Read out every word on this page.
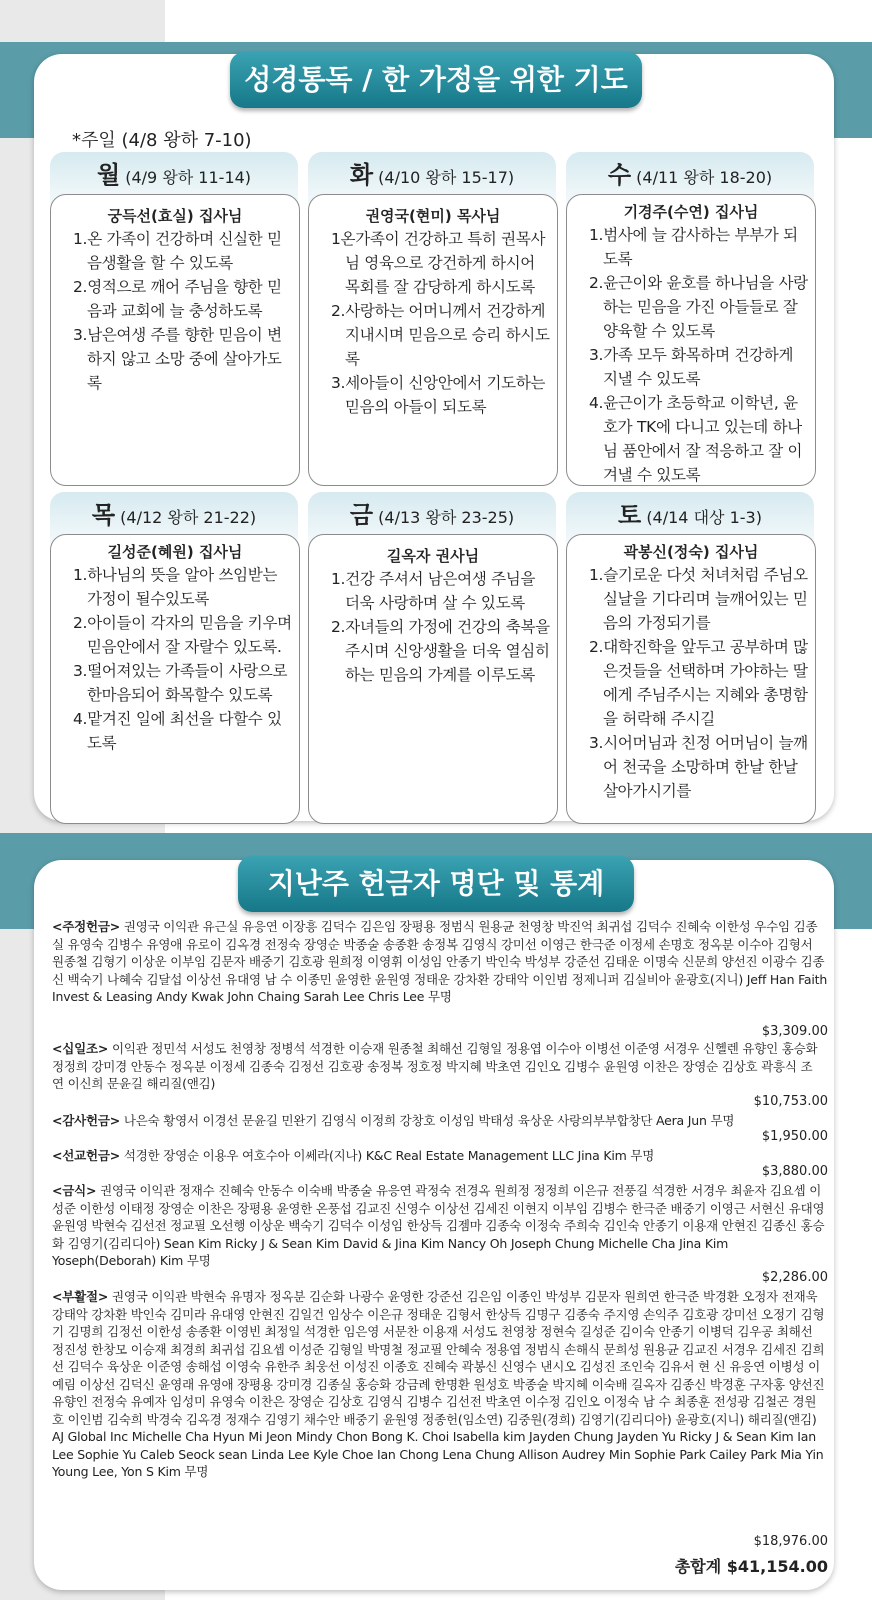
성경통독 / 한 가정을 위한 기도
*주일 (4/8 왕하 7-10)
월 (4/9 왕하 11-14)
궁득선(효실) 집사님
1.온 가족이 건강하며 신실한 믿음생활을 할 수 있도록
2.영적으로 깨어 주님을 향한 믿음과 교회에 늘 충성하도록
3.남은여생 주를 향한 믿음이 변하지 않고 소망 중에 살아가도록
화 (4/10 왕하 15-17)
권영국(현미) 목사님
1온가족이 건강하고 특히 권목사님 영육으로 강건하게 하시어 목회를 잘 감당하게 하시도록
2.사랑하는 어머니께서 건강하게 지내시며 믿음으로 승리 하시도록
3.세아들이 신앙안에서 기도하는 믿음의 아들이 되도록
수 (4/11 왕하 18-20)
기경주(수연) 집사님
1.범사에 늘 감사하는 부부가 되도록
2.윤근이와 윤호를 하나님을 사랑하는 믿음을 가진 아들들로 잘 양육할 수 있도록
3.가족 모두 화목하며 건강하게 지낼 수 있도록
4.윤근이가 초등학교 이학년, 윤호가 TK에 다니고 있는데 하나님 품안에서 잘 적응하고 잘 이겨낼 수 있도록
목 (4/12 왕하 21-22)
길성준(혜원) 집사님
1.하나님의 뜻을 알아 쓰임받는 가정이 될수있도록
2.아이들이 각자의 믿음을 키우며 믿음안에서 잘 자랄수 있도록.
3.떨어져있는 가족들이 사랑으로 한마음되어 화목할수 있도록
4.맡겨진 일에 최선을 다할수 있도록
금 (4/13 왕하 23-25)
길옥자 권사님
1.건강 주셔서 남은여생 주님을 더욱 사랑하며 살 수 있도록
2.자녀들의 가정에 건강의 축복을 주시며 신앙생활을 더욱 열심히 하는 믿음의 가계를 이루도록
토 (4/14 대상 1-3)
곽봉신(정숙) 집사님
1.슬기로운 다섯 처녀처럼 주님오실날을 기다리며 늘깨어있는 믿음의 가정되기를
2.대학진학을 앞두고 공부하며 많은것들을 선택하며 가야하는 딸에게 주님주시는 지혜와 총명함을 허락해 주시길
3.시어머님과 친정 어머님이 늘깨어 천국을 소망하며 한날 한날 살아가시기를
지난주 헌금자 명단 및 통계
<주정헌금> 권영국 이익관 유근실 유응연 이장흥 김덕수 김은임 장평용 정범식 원용균 천영창 박진억 최귀섭 김덕수 진혜숙 이한성 우수임 김종실 유영숙 김병수 유영애 유로이 김옥경 전정숙 장영순 박종술 송종환 송정복 김영식 강미선 이영근 한극준 이정세 손명호 정옥분 이수아 김형서 원종철 김형기 이상운 이부임 김문자 배중기 김호광 원희정 이영휘 이성임 안종기 박인숙 박성부 강준선 김태운 이명숙 신문희 양선진 이광수 김종신 백숙기 나혜숙 김달섭 이상선 유대영 남 수 이종민 윤영한 윤원영 정태운 강차환 강태악 이인범 정제니퍼 김실비아 윤광호(지니) Jeff Han Faith Invest & Leasing Andy Kwak John Chaing Sarah Lee Chris Lee 무명
$3,309.00
<십일조> 이익관 정민석 서성도 천영창 정병석 석경한 이승재 원종철 최해선 김형일 정용엽 이수아 이병선 이준영 서경우 신헬렌 유향인 홍승화 정정희 강미경 안동수 정옥분 이정세 김종숙 김정선 김호광 송정복 정호정 박지혜 박초연 김인오 김병수 윤원영 이찬은 장영순 김상호 곽흥식 조 연 이신희 문윤길 해리질(앤김)
$10,753.00
<감사헌금> 나은숙 황영서 이경선 문윤길 민완기 김영식 이정희 강창호 이성임 박태성 육상운 사랑의부부합창단 Aera Jun 무명
$1,950.00
<선교헌금> 석경한 장영순 이용우 여호수아 이쎄라(지나) K&C Real Estate Management LLC Jina Kim 무명
$3,880.00
<금식> 권영국 이익관 정재수 진혜숙 안동수 이숙배 박종술 유응연 곽정숙 전경옥 원희정 정정희 이은규 전풍길 석경한 서경우 최윤자 김요셉 이성준 이한성 이태정 장영순 이찬은 장평용 윤영한 온풍섭 김교진 신영수 이상선 김세진 이현지 이부임 김병수 한극준 배중기 이영근 서현신 유대영 윤원영 박현숙 김선전 정교필 오선행 이상운 백숙기 김덕수 이성임 한상득 김젬마 김종숙 이정숙 주희숙 김인숙 안종기 이용재 안현진 김종신 홍승화 김영기(김리디아) Sean Kim Ricky J & Sean Kim David & Jina Kim Nancy Oh Joseph Chung Michelle Cha Jina Kim Yoseph(Deborah) Kim 무명
$2,286.00
<부활절> 권영국 이익관 박현숙 유명자 정옥분 김순화 나광수 윤영한 강준선 김은임 이종인 박성부 김문자 원희연 한극준 박경환 오정자 전재욱 강태악 강차환 박인숙 김미라 유대영 안현진 김일건 임상수 이은규 정태운 김형서 한상득 김명구 김종숙 주지영 손익주 김호광 강미선 오정기 김형기 김명희 김정선 이한성 송종환 이영빈 최정일 석경한 임은영 서문찬 이용재 서성도 천영창 정현숙 길성준 김이숙 안종기 이병덕 김우공 최해선 정진성 한창모 이승재 최경희 최귀섭 김요셉 이성준 김형일 박명철 정교필 안혜숙 정용엽 정범식 손해식 문희성 원용균 김교진 서경우 김세진 김희선 김덕수 육상운 이준영 송해섭 이영숙 유한주 최웅선 이성진 이종호 진혜숙 곽봉신 신영수 낸시오 김성진 조인숙 김유서 현 신 유응연 이병성 이예림 이상선 김덕신 윤영래 유영애 장평용 강미경 김종실 홍승화 강금례 한명환 원성호 박종술 박지혜 이숙배 길옥자 김종신 박경훈 구자홍 양선진 유향인 전정숙 유예자 임성미 유영숙 이찬은 장영순 김상호 김영식 김병수 김선전 박초연 이수정 김인오 이정숙 남 수 최종훈 전성광 김철곤 경원호 이인범 김숙희 박경숙 김옥경 정재수 김영기 채수안 배중기 윤원영 정종헌(임소연) 김중원(경희) 김영기(김리디아) 윤광호(지니) 해리질(앤김) AJ Global Inc Michelle Cha Hyun Mi Jeon Mindy Chon Bong K. Choi Isabella kim Jayden Chung Jayden Yu Ricky J & Sean Kim Ian Lee Sophie Yu Caleb Seock sean Linda Lee Kyle Choe Ian Chong Lena Chung Allison Audrey Min Sophie Park Cailey Park Mia Yin Young Lee, Yon S Kim 무명
$18,976.00
총합계 $41,154.00
